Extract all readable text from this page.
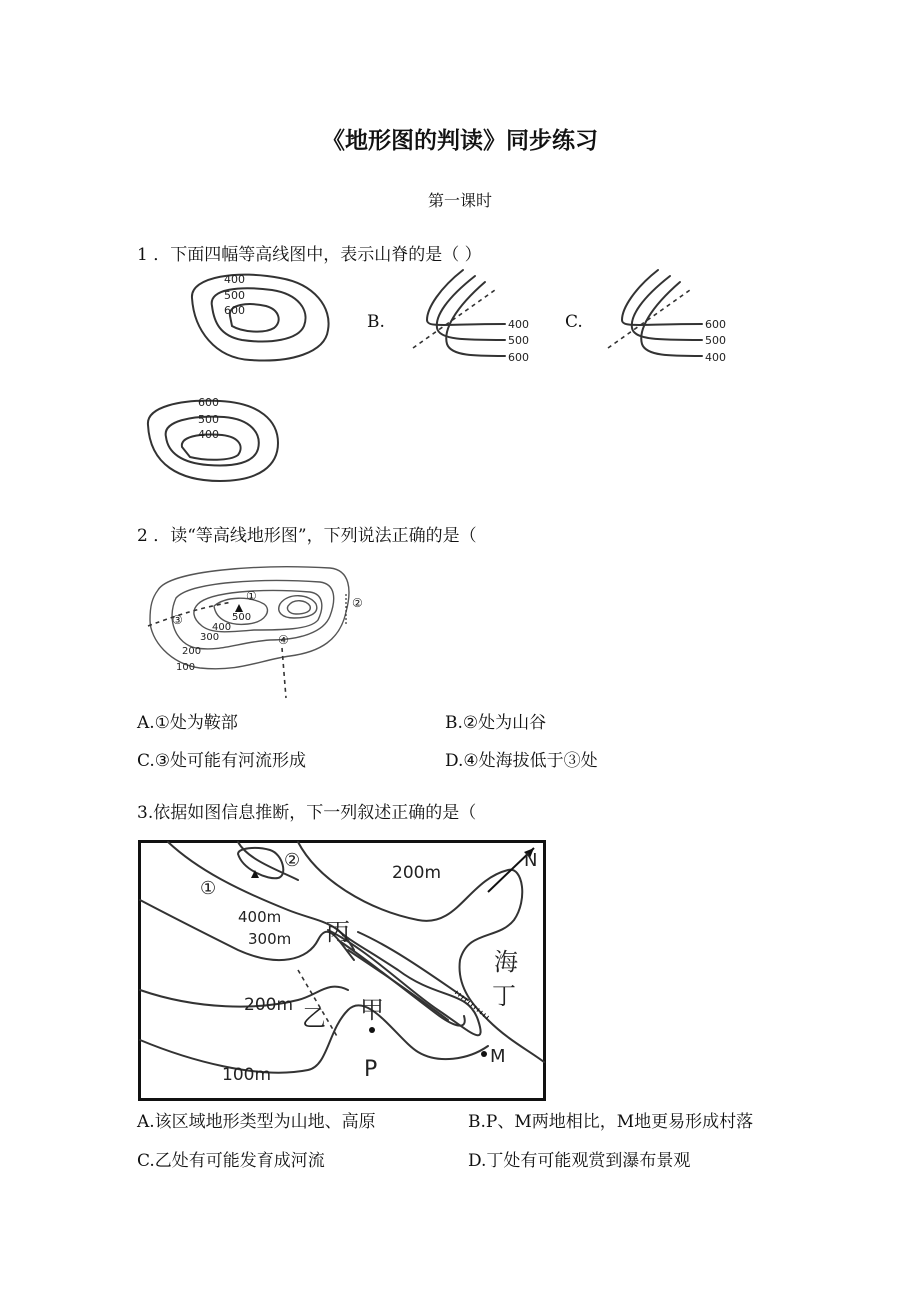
《地形图的判读》同步练习
第一课时
1 ．下面四幅等高线图中，表示山脊的是（ ）
400
500
600
B.	400
500
600
C.	600
500
400
600
500
400
2 ．读“等高线地形图”，下列说法正确的是（
①	②
③
④
500
400
300
200
100
A.①处为鞍部	B.②处为山谷
C.③处可能有河流形成	D.④处海拔低于③处
3.依据如图信息推断，下一列叙述正确的是（
①
②
400m
300m
200m
200m
100m
丙
海
丁
乙 甲
P
M
N
A.该区域地形类型为山地、高原	B.P、M两地相比，M地更易形成村落
C.乙处有可能发育成河流	D.丁处有可能观赏到瀑布景观
